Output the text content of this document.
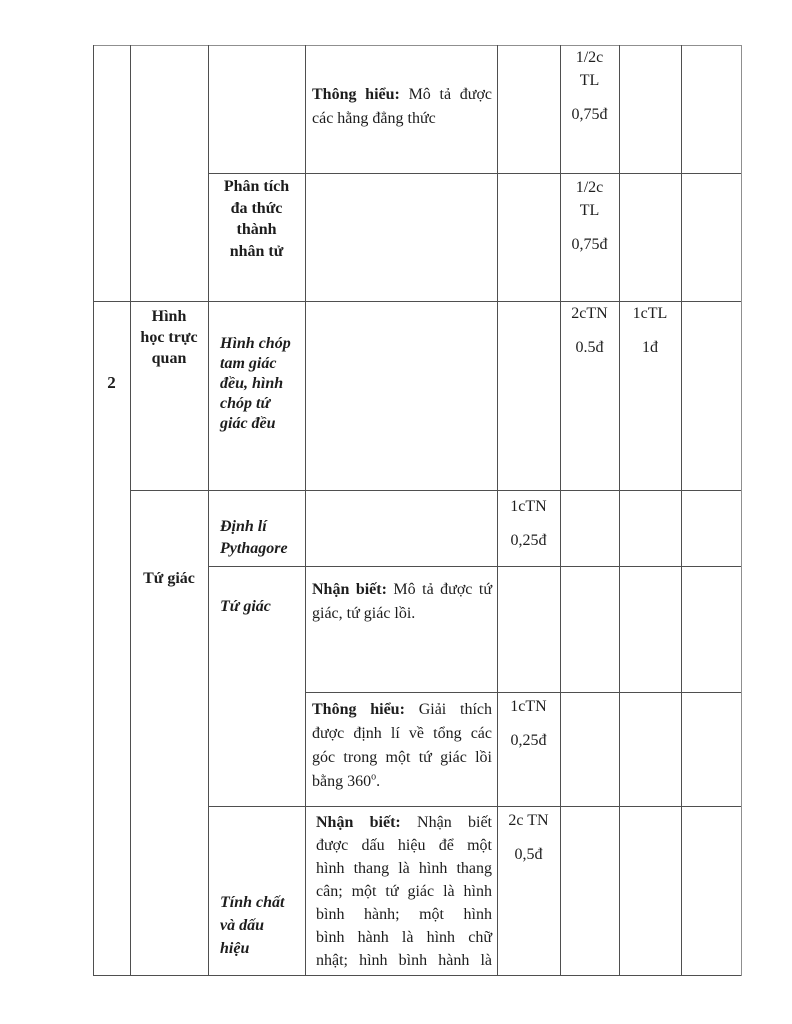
Thông hiểu: Mô tả được
các hằng đẳng thức
1/2c
TL
0,75đ
Phân tích
đa thức
thành
nhân tử
1/2c
TL
0,75đ
2
Hình
học trực
quan
Hình chóp
tam giác
đều, hình
chóp tứ
giác đều
2cTN
0.5đ
1cTL
1đ
Định lí
Pythagore
1cTN
0,25đ
Tứ giác
Tứ giác
Nhận biết: Mô tả được tứ
giác, tứ giác lồi.
Thông hiểu: Giải thích
được định lí về tổng các
góc trong một tứ giác lồi
bằng 360$^o$.
1cTN
0,25đ
Tính chất
và dấu
hiệu
Nhận biết: Nhận biết
được dấu hiệu để một
hình thang là hình thang
cân; một tứ giác là hình
bình hành; một hình
bình hành là hình chữ
nhật; hình bình hành là
2c TN
0,5đ
